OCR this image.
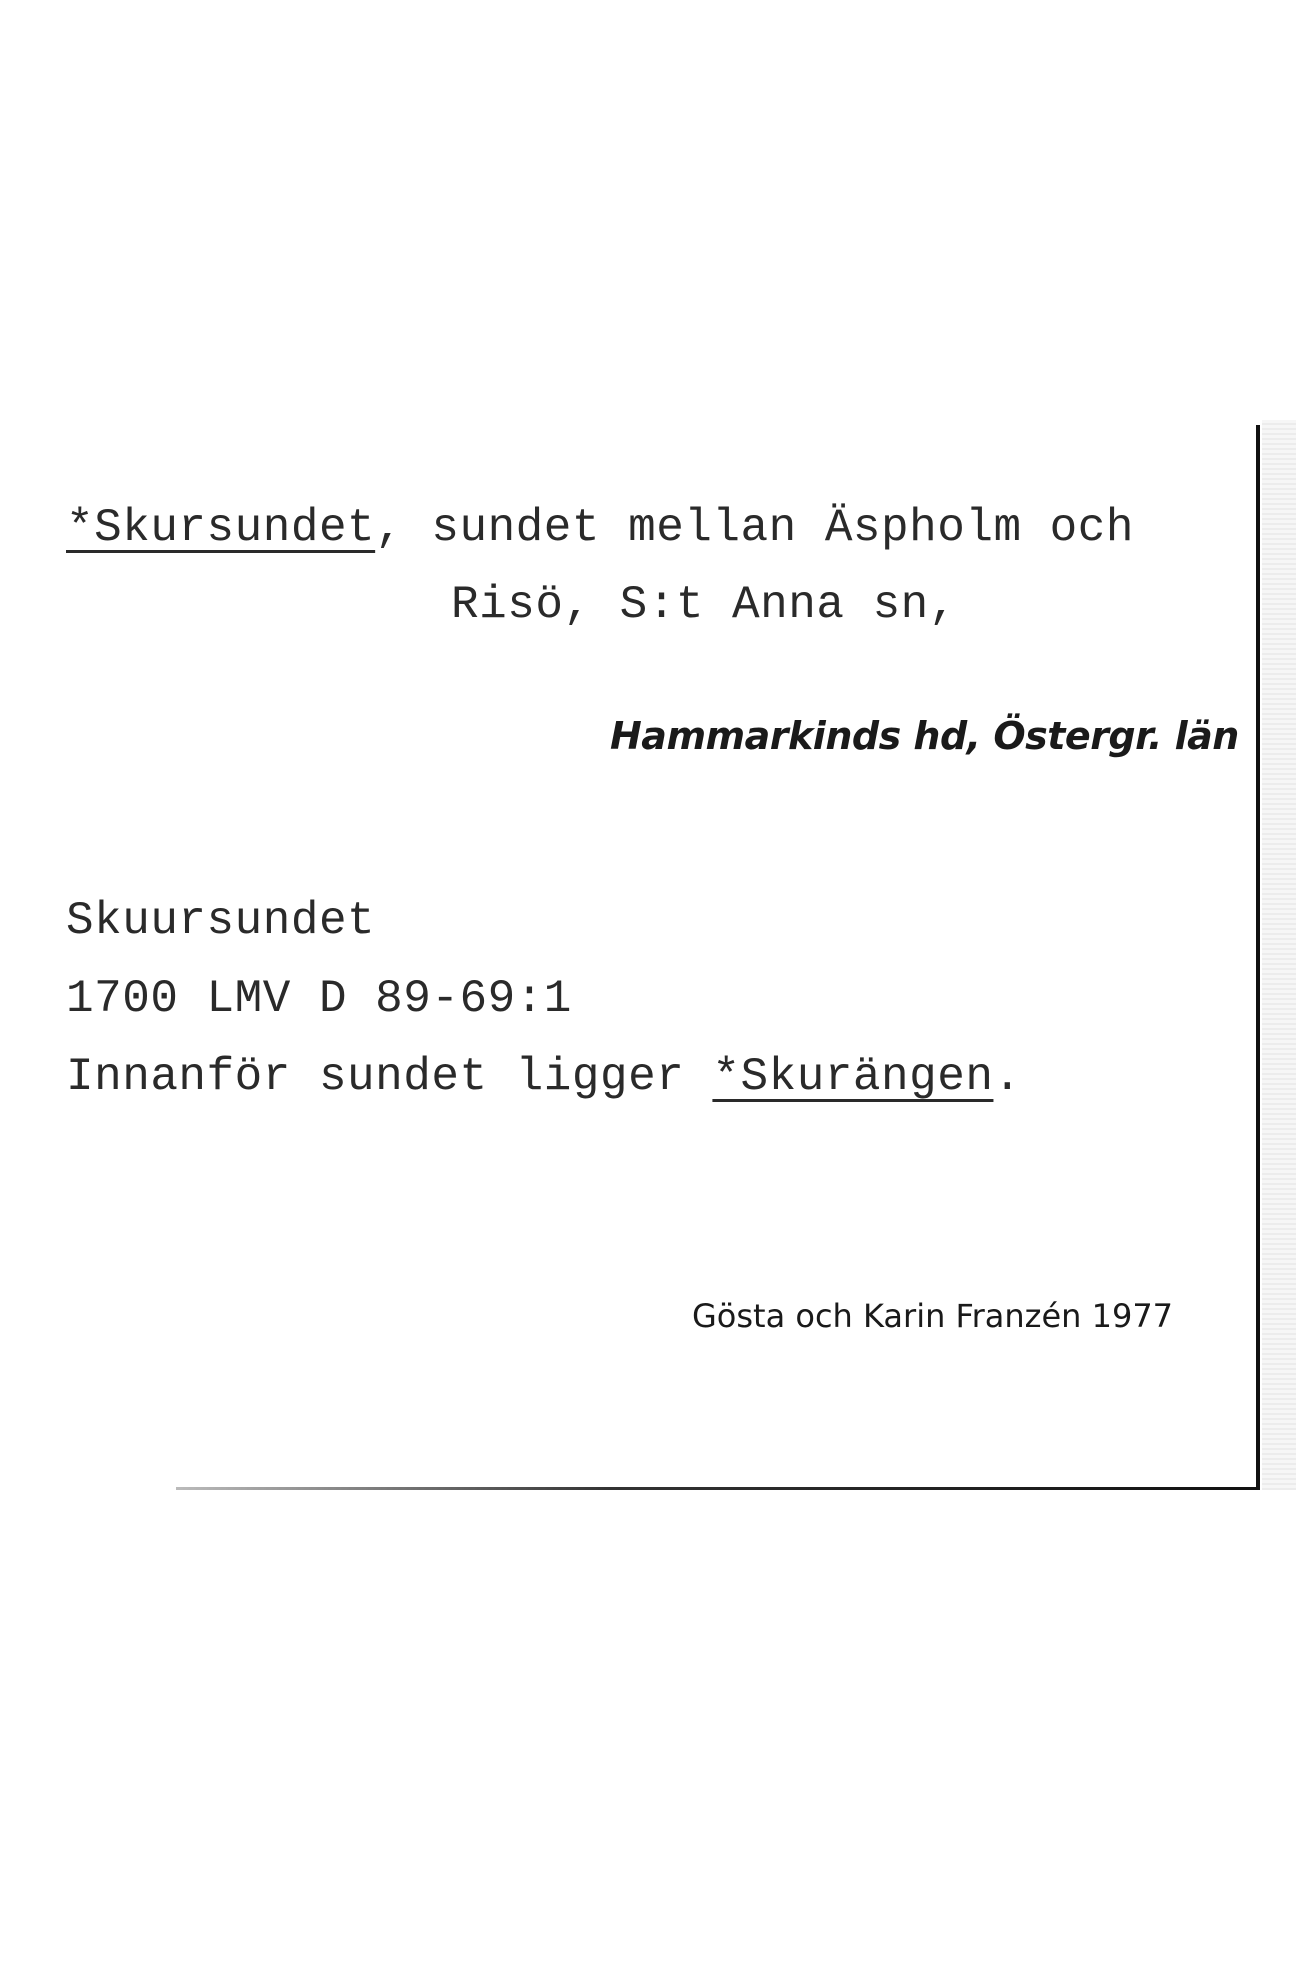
*Skursundet, sundet mellan Äspholm och
Risö, S:t Anna sn,
Hammarkinds hd, Östergr. län
Skuursundet
1700 LMV D 89-69:1
Innanför sundet ligger *Skurängen.
Gösta och Karin Franzén 1977
